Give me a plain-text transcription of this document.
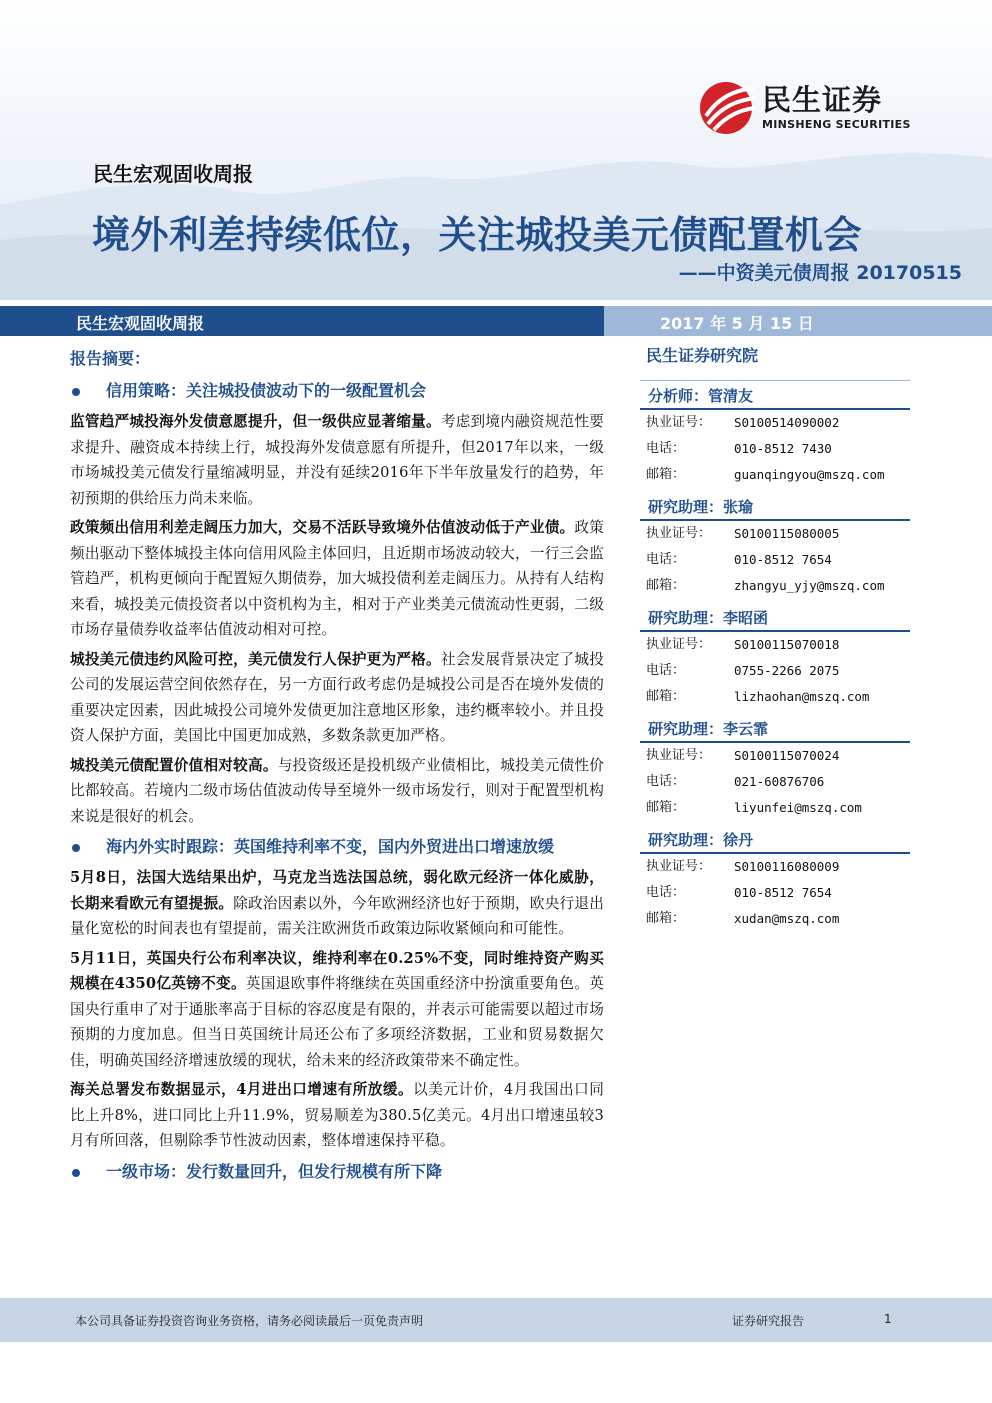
民生证券
MINSHENG SECURITIES
民生宏观固收周报
境外利差持续低位，关注城投美元债配置机会
——中资美元债周报 20170515
民生宏观固收周报	2017 年 5 月 15 日
报告摘要：
信用策略：关注城投债波动下的一级配置机会

监管趋严城投海外发债意愿提升，但一级供应显著缩量。考虑到境内融资规范性要求提升、融资成本持续上行，城投海外发债意愿有所提升，但2017年以来，一级市场城投美元债发行量缩减明显，并没有延续2016年下半年放量发行的趋势，年初预期的供给压力尚未来临。

政策频出信用利差走阔压力加大，交易不活跃导致境外估值波动低于产业债。政策频出驱动下整体城投主体向信用风险主体回归，且近期市场波动较大，一行三会监管趋严，机构更倾向于配置短久期债券，加大城投债利差走阔压力。从持有人结构来看，城投美元债投资者以中资机构为主，相对于产业类美元债流动性更弱，二级市场存量债券收益率估值波动相对可控。

城投美元债违约风险可控，美元债发行人保护更为严格。社会发展背景决定了城投公司的发展运营空间依然存在，另一方面行政考虑仍是城投公司是否在境外发债的重要决定因素，因此城投公司境外发债更加注意地区形象，违约概率较小。并且投资人保护方面，美国比中国更加成熟，多数条款更加严格。

城投美元债配置价值相对较高。与投资级还是投机级产业债相比，城投美元债性价比都较高。若境内二级市场估值波动传导至境外一级市场发行，则对于配置型机构来说是很好的机会。

海内外实时跟踪：英国维持利率不变，国内外贸进出口增速放缓

5月8日，法国大选结果出炉，马克龙当选法国总统，弱化欧元经济一体化威胁，长期来看欧元有望提振。除政治因素以外，今年欧洲经济也好于预期，欧央行退出量化宽松的时间表也有望提前，需关注欧洲货币政策边际收紧倾向和可能性。

5月11日，英国央行公布利率决议，维持利率在0.25%不变，同时维持资产购买规模在4350亿英镑不变。英国退欧事件将继续在英国重经济中扮演重要角色。英国央行重申了对于通胀率高于目标的容忍度是有限的，并表示可能需要以超过市场预期的力度加息。但当日英国统计局还公布了多项经济数据，工业和贸易数据欠佳，明确英国经济增速放缓的现状，给未来的经济政策带来不确定性。

海关总署发布数据显示，4月进出口增速有所放缓。以美元计价，4月我国出口同比上升8%，进口同比上升11.9%，贸易顺差为380.5亿美元。4月出口增速虽较3月有所回落，但剔除季节性波动因素，整体增速保持平稳。

一级市场：发行数量回升，但发行规模有所下降
民生证券研究院
分析师：管清友
执业证号： S0100514090002
电话：	010-8512 7430
邮箱：	guanqingyou@mszq.com
研究助理：张瑜
执业证号： S0100115080005
电话：	010-8512 7654
邮箱：	zhangyu_yjy@mszq.com
研究助理：李昭函
执业证号： S0100115070018
电话：	0755-2266 2075
邮箱：	lizhaohan@mszq.com
研究助理：李云霏
执业证号： S0100115070024
电话：	021-60876706
邮箱：	liyunfei@mszq.com
研究助理：徐丹
执业证号： S0100116080009
电话：	010-8512 7654
邮箱：	xudan@mszq.com
本公司具备证券投资咨询业务资格，请务必阅读最后一页免责声明	证券研究报告	1
